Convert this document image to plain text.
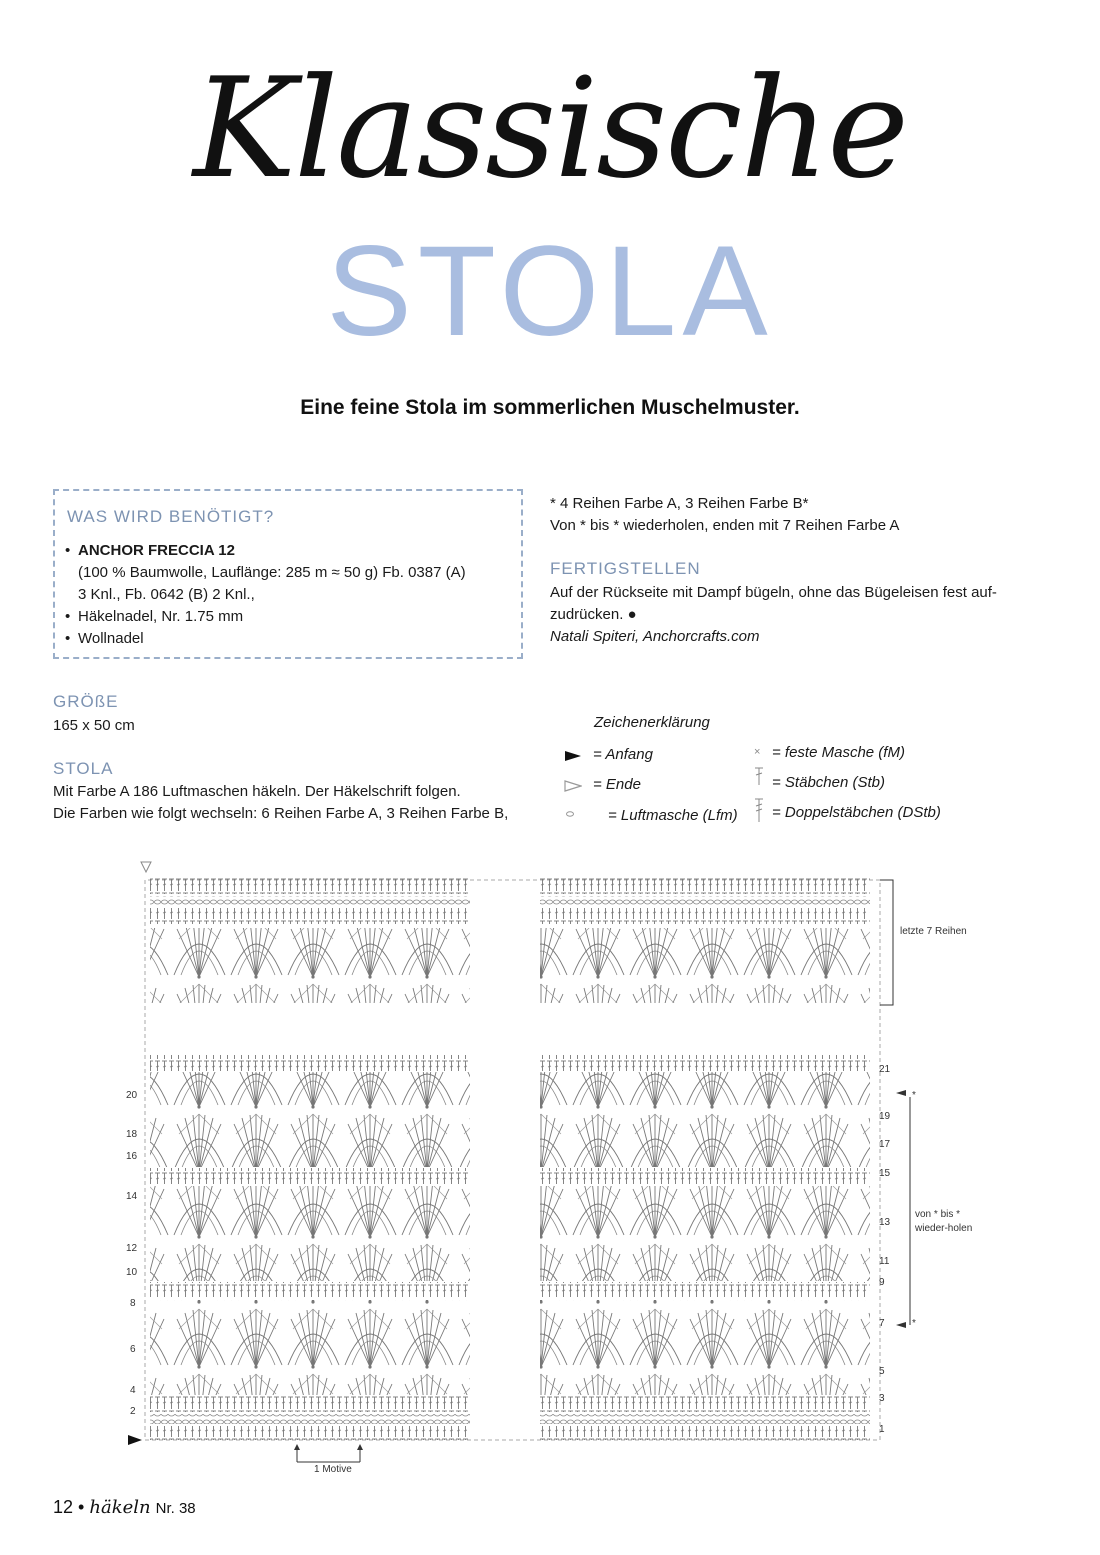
Klassische
STOLA
Eine feine Stola im sommerlichen Muschelmuster.
WAS WIRD BENÖTIGT?
• ANCHOR FRECCIA 12
(100 % Baumwolle, Lauflänge: 285 m ≈ 50 g) Fb. 0387 (A)
3 Knl., Fb. 0642 (B) 2 Knl.,
• Häkelnadel, Nr. 1.75 mm
• Wollnadel
GRÖßE
165 x 50 cm
STOLA
Mit Farbe A 186 Luftmaschen häkeln. Der Häkelschrift folgen.
Die Farben wie folgt wechseln: 6 Reihen Farbe A, 3 Reihen Farbe B,
* 4 Reihen Farbe A, 3 Reihen Farbe B*
Von * bis * wiederholen, enden mit 7 Reihen Farbe A
FERTIGSTELLEN
Auf der Rückseite mit Dampf bügeln, ohne das Bügeleisen fest auf-
zudrücken. ●
Natali Spiteri, Anchorcrafts.com
Zeichenerklärung
= Anfang
= Ende
= Luftmasche (Lfm)
× = feste Masche (fM)
= Stäbchen (Stb)
= Doppelstäbchen (DStb)
letzte 7 Reihen
von * bis *
wieder-holen
*
*
1 Motive
20
18
16
14
12
10
8
6
4
2
21
19
17
15
13
11
9
7
5
3
1
12 • häkeln Nr. 38
